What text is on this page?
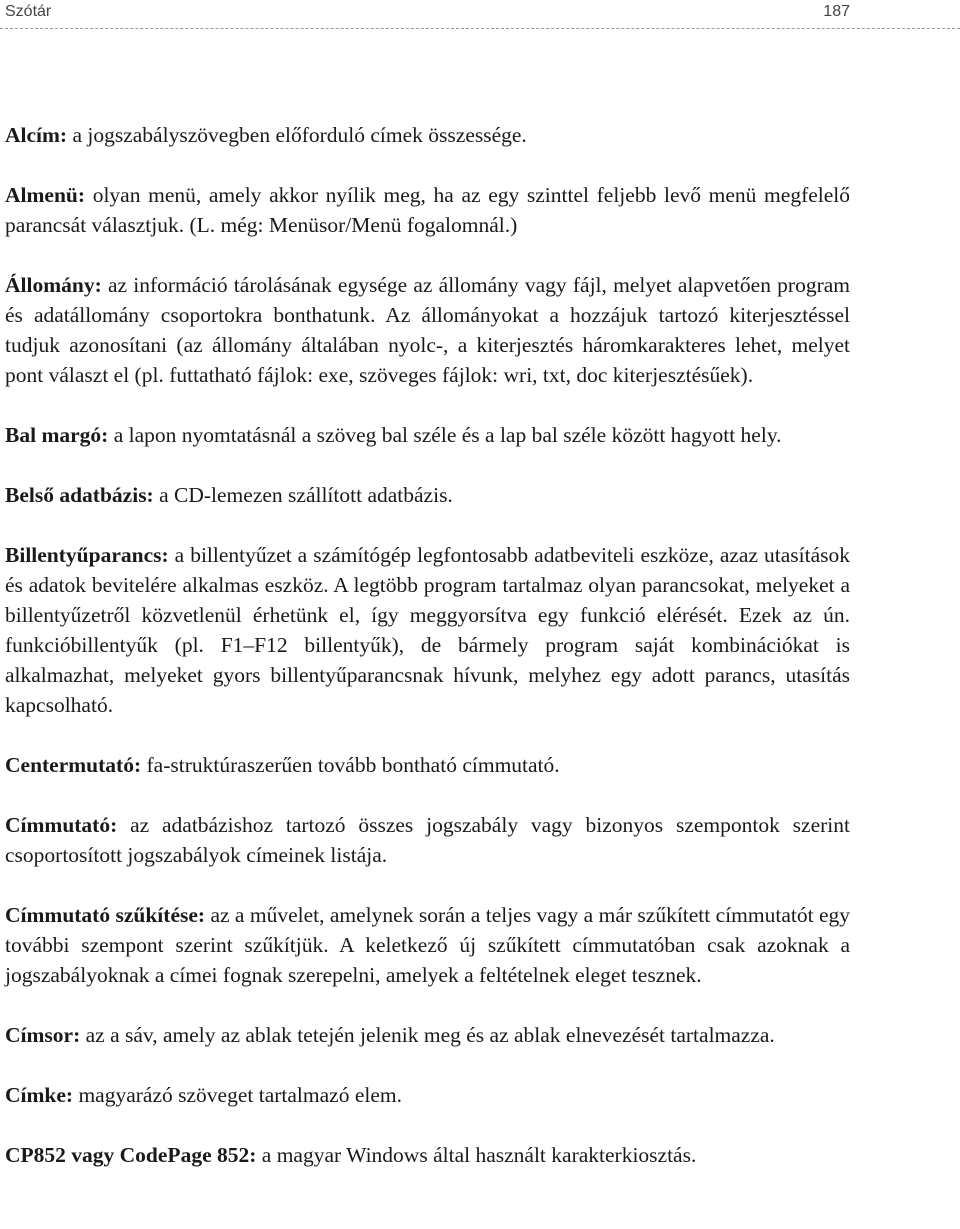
Szótár	187

Alcím: a jogszabályszövegben előforduló címek összessége.

Almenü: olyan menü, amely akkor nyílik meg, ha az egy szinttel feljebb levő menü megfelelő parancsát választjuk. (L. még: Menüsor/Menü fogalomnál.)

Állomány: az információ tárolásának egysége az állomány vagy fájl, melyet alapvetően program és adatállomány csoportokra bonthatunk. Az állományokat a hozzájuk tartozó kiterjesztéssel tudjuk azonosítani (az állomány általában nyolc-, a kiterjesztés háromkarakteres lehet, melyet pont választ el (pl. futtatható fájlok: exe, szöveges fájlok: wri, txt, doc kiterjesztésűek).

Bal margó: a lapon nyomtatásnál a szöveg bal széle és a lap bal széle között hagyott hely.

Belső adatbázis: a CD-lemezen szállított adatbázis.

Billentyűparancs: a billentyűzet a számítógép legfontosabb adatbeviteli eszköze, azaz utasítások és adatok bevitelére alkalmas eszköz. A legtöbb program tartalmaz olyan parancsokat, melyeket a billentyűzetről közvetlenül érhetünk el, így meggyorsítva egy funkció elérését. Ezek az ún. funkcióbillentyűk (pl. F1–F12 billentyűk), de bármely program saját kombinációkat is alkalmazhat, melyeket gyors billentyűparancsnak hívunk, melyhez egy adott parancs, utasítás kapcsolható.

Centermutató: fa-struktúraszerűen tovább bontható címmutató.

Címmutató: az adatbázishoz tartozó összes jogszabály vagy bizonyos szempontok szerint csoportosított jogszabályok címeinek listája.

Címmutató szűkítése: az a művelet, amelynek során a teljes vagy a már szűkített címmutatót egy további szempont szerint szűkítjük. A keletkező új szűkített címmutatóban csak azoknak a jogszabályoknak a címei fognak szerepelni, amelyek a feltételnek eleget tesznek.

Címsor: az a sáv, amely az ablak tetején jelenik meg és az ablak elnevezését tartalmazza.

Címke: magyarázó szöveget tartalmazó elem.

CP852 vagy CodePage 852: a magyar Windows által használt karakterkiosztás.
